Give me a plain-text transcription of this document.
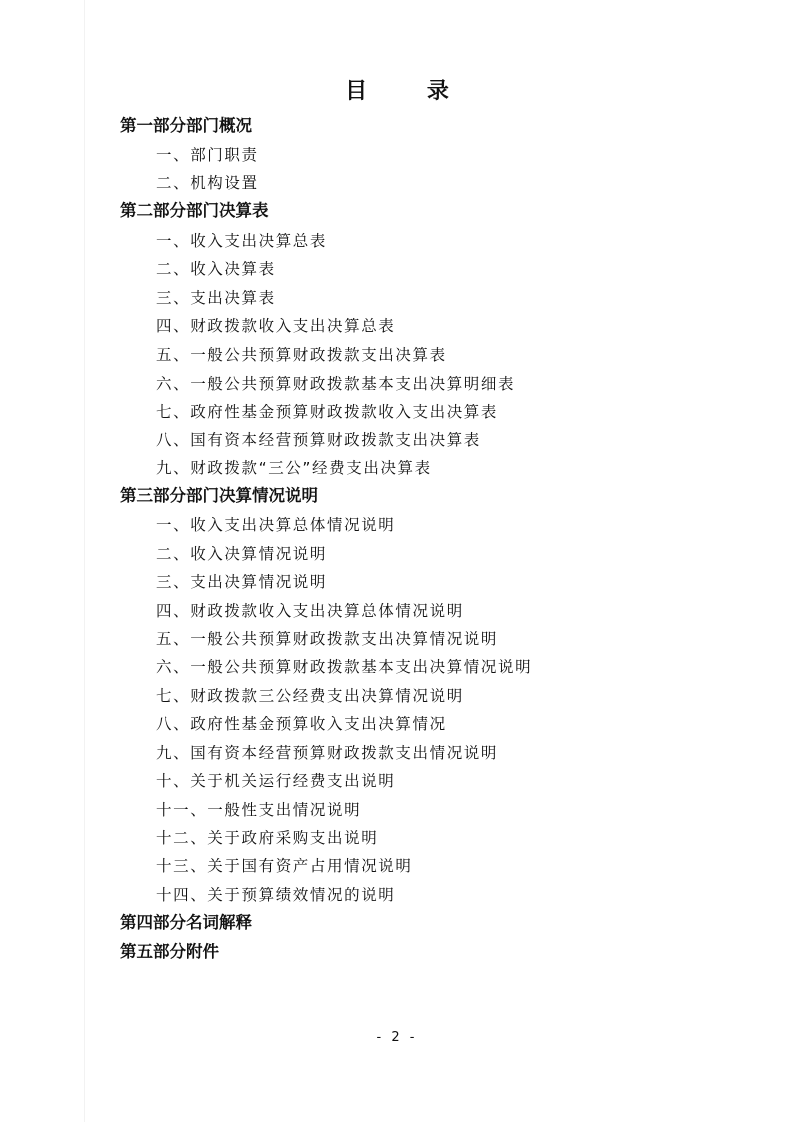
目 录
第一部分部门概况
一、部门职责
二、机构设置
第二部分部门决算表
一、收入支出决算总表
二、收入决算表
三、支出决算表
四、财政拨款收入支出决算总表
五、一般公共预算财政拨款支出决算表
六、一般公共预算财政拨款基本支出决算明细表
七、政府性基金预算财政拨款收入支出决算表
八、国有资本经营预算财政拨款支出决算表
九、财政拨款“三公”经费支出决算表
第三部分部门决算情况说明
一、收入支出决算总体情况说明
二、收入决算情况说明
三、支出决算情况说明
四、财政拨款收入支出决算总体情况说明
五、一般公共预算财政拨款支出决算情况说明
六、一般公共预算财政拨款基本支出决算情况说明
七、财政拨款三公经费支出决算情况说明
八、政府性基金预算收入支出决算情况
九、国有资本经营预算财政拨款支出情况说明
十、关于机关运行经费支出说明
十一、一般性支出情况说明
十二、关于政府采购支出说明
十三、关于国有资产占用情况说明
十四、关于预算绩效情况的说明
第四部分名词解释
第五部分附件
- 2 -
